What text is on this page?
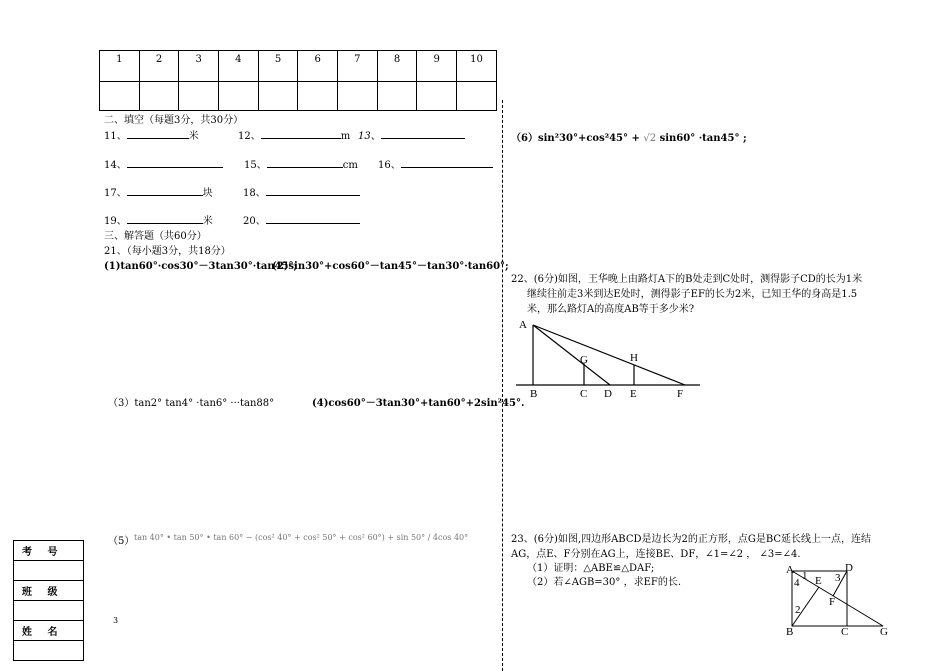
1	2	3	4	5	6	7	8	9	10

二、填空（每题3分，共30分）
11、	米	12、	m 13、
14、	15、	cm 16、
17、	块	18、
19、	米	20、
三、解答题（共60分）
21、（每小题3分，共18分）
(1)tan60°·cos30°－3tan30°·tan45°;
(2)sin30°+cos60°－tan45°－tan30°·tan60°;
（3）tan2° tan4° ·tan6° ···tan88°	(4)cos60°－3tan30°+tan60°+2sin²45°.
（5） tan 40° • tan 50° • tan 60° − (cos² 40° + cos² 50° + cos² 60°) + sin 50° / 4cos 40°
3
（6）sin²30°+cos²45° + √2 sin60° ·tan45° ;
22、(6分)如图，王华晚上由路灯A下的B处走到C处时，测得影子CD的长为1米
继续往前走3米到达E处时，测得影子EF的长为2米，已知王华的身高是1.5
米，那么路灯A的高度AB等于多少米?
A
B	C D E	F
G	H
23、(6分)如图,四边形ABCD是边长为2的正方形，点G是BC延长线上一点，连结
AG，点E、F分别在AG上，连接BE、DF，∠1=∠2 ， ∠3=∠4.
（1）证明：△ABE≌△DAF;
（2）若∠AGB=30° ，求EF的长.
A	D
B	C	G
E
F
2
4	3
1
考 号

班 级

姓 名
